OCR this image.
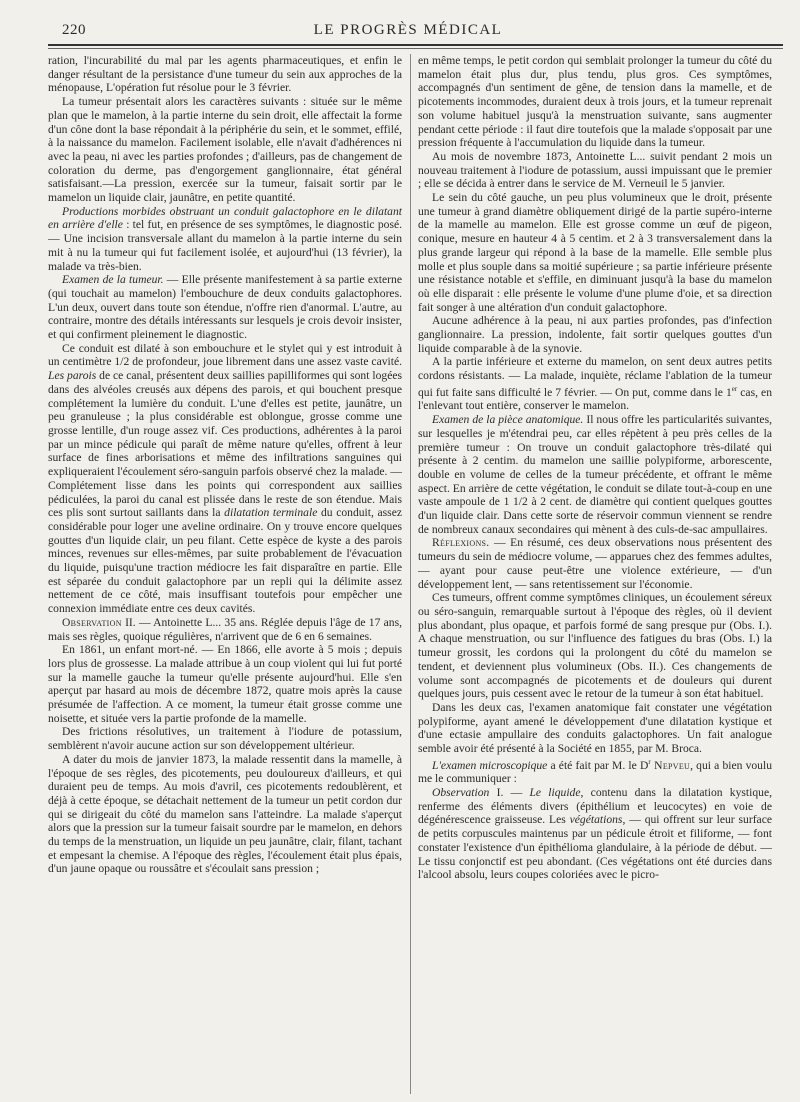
220	LE PROGRÈS MÉDICAL

ration, l'incurabilité du mal par les agents pharmaceutiques, et enfin le danger résultant de la persistance d'une tumeur du sein aux approches de la ménopause, L'opération fut résolue pour le 3 février.

La tumeur présentait alors les caractères suivants : située sur le même plan que le mamelon, à la partie interne du sein droit, elle affectait la forme d'un cône dont la base répondait à la périphérie du sein, et le sommet, effilé, à la naissance du mamelon. Facilement isolable, elle n'avait d'adhérences ni avec la peau, ni avec les parties profondes ; d'ailleurs, pas de changement de coloration du derme, pas d'engorgement ganglionnaire, état général satisfaisant.—La pression, exercée sur la tumeur, faisait sortir par le mamelon un liquide clair, jaunâtre, en petite quantité.

Productions morbides obstruant un conduit galactophore en le dilatant en arrière d'elle : tel fut, en présence de ses symptômes, le diagnostic posé. — Une incision transversale allant du mamelon à la partie interne du sein mit à nu la tumeur qui fut facilement isolée, et aujourd'hui (13 février), la malade va très-bien.

Examen de la tumeur. — Elle présente manifestement à sa partie externe (qui touchait au mamelon) l'embouchure de deux conduits galactophores. L'un deux, ouvert dans toute son étendue, n'offre rien d'anormal. L'autre, au contraire, montre des détails intéressants sur lesquels je crois devoir insister, et qui confirment pleinement le diagnostic.

Ce conduit est dilaté à son embouchure et le stylet qui y est introduit à un centimètre 1/2 de profondeur, joue librement dans une assez vaste cavité. Les parois de ce canal, présentent deux saillies papilliformes qui sont logées dans des alvéoles creusés aux dépens des parois, et qui bouchent presque complétement la lumière du conduit. L'une d'elles est petite, jaunâtre, un peu granuleuse ; la plus considérable est oblongue, grosse comme une grosse lentille, d'un rouge assez vif. Ces productions, adhérentes à la paroi par un mince pédicule qui paraît de même nature qu'elles, offrent à leur surface de fines arborisations et même des infiltrations sanguines qui expliqueraient l'écoulement séro-sanguin parfois observé chez la malade. — Complétement lisse dans les points qui correspondent aux saillies pédiculées, la paroi du canal est plissée dans le reste de son étendue. Mais ces plis sont surtout saillants dans la dilatation terminale du conduit, assez considérable pour loger une aveline ordinaire. On y trouve encore quelques gouttes d'un liquide clair, un peu filant. Cette espèce de kyste a des parois minces, revenues sur elles-mêmes, par suite probablement de l'évacuation du liquide, puisqu'une traction médiocre les fait disparaître en partie. Elle est séparée du conduit galactophore par un repli qui la délimite assez nettement de ce côté, mais insuffisant toutefois pour empêcher une connexion immédiate entre ces deux cavités.

Observation II. — Antoinette L... 35 ans. Réglée depuis l'âge de 17 ans, mais ses règles, quoique régulières, n'arrivent que de 6 en 6 semaines.

En 1861, un enfant mort-né. — En 1866, elle avorte à 5 mois ; depuis lors plus de grossesse. La malade attribue à un coup violent qui lui fut porté sur la mamelle gauche la tumeur qu'elle présente aujourd'hui. Elle s'en aperçut par hasard au mois de décembre 1872, quatre mois après la cause présumée de l'affection. A ce moment, la tumeur était grosse comme une noisette, et située vers la partie profonde de la mamelle.

Des frictions résolutives, un traitement à l'iodure de potassium, semblèrent n'avoir aucune action sur son développement ultérieur.

A dater du mois de janvier 1873, la malade ressentit dans la mamelle, à l'époque de ses règles, des picotements, peu douloureux d'ailleurs, et qui duraient peu de temps. Au mois d'avril, ces picotements redoublèrent, et déjà à cette époque, se détachait nettement de la tumeur un petit cordon dur qui se dirigeait du côté du mamelon sans l'atteindre. La malade s'aperçut alors que la pression sur la tumeur faisait sourdre par le mamelon, en dehors du temps de la menstruation, un liquide un peu jaunâtre, clair, filant, tachant et empesant la chemise. A l'époque des règles, l'écoulement était plus épais, d'un jaune opaque ou roussâtre et s'écoulait sans pression ;

en même temps, le petit cordon qui semblait prolonger la tumeur du côté du mamelon était plus dur, plus tendu, plus gros. Ces symptômes, accompagnés d'un sentiment de gêne, de tension dans la mamelle, et de picotements incommodes, duraient deux à trois jours, et la tumeur reprenait son volume habituel jusqu'à la menstruation suivante, sans augmenter pendant cette période : il faut dire toutefois que la malade s'opposait par une pression fréquente à l'accumulation du liquide dans la tumeur.

Au mois de novembre 1873, Antoinette L... suivit pendant 2 mois un nouveau traitement à l'iodure de potassium, aussi impuissant que le premier ; elle se décida à entrer dans le service de M. Verneuil le 5 janvier.

Le sein du côté gauche, un peu plus volumineux que le droit, présente une tumeur à grand diamètre obliquement dirigé de la partie supéro-interne de la mamelle au mamelon. Elle est grosse comme un œuf de pigeon, conique, mesure en hauteur 4 à 5 centim. et 2 à 3 transversalement dans la plus grande largeur qui répond à la base de la mamelle. Elle semble plus molle et plus souple dans sa moitié supérieure ; sa partie inférieure présente une résistance notable et s'effile, en diminuant jusqu'à la base du mamelon où elle disparait : elle présente le volume d'une plume d'oie, et sa direction fait songer à une altération d'un conduit galactophore.

Aucune adhérence à la peau, ni aux parties profondes, pas d'infection ganglionnaire. La pression, indolente, fait sortir quelques gouttes d'un liquide comparable à de la synovie.

A la partie inférieure et externe du mamelon, on sent deux autres petits cordons résistants. — La malade, inquiète, réclame l'ablation de la tumeur qui fut faite sans difficulté le 7 février. — On put, comme dans le 1er cas, en l'enlevant tout entière, conserver le mamelon.

Examen de la pièce anatomique. Il nous offre les particularités suivantes, sur lesquelles je m'étendrai peu, car elles répètent à peu près celles de la première tumeur : On trouve un conduit galactophore très-dilaté qui présente à 2 centim. du mamelon une saillie polypiforme, arborescente, double en volume de celles de la tumeur précédente, et offrant le même aspect. En arrière de cette végétation, le conduit se dilate tout-à-coup en une vaste ampoule de 1 1/2 à 2 cent. de diamètre qui contient quelques gouttes d'un liquide clair. Dans cette sorte de réservoir commun viennent se rendre de nombreux canaux secondaires qui mènent à des culs-de-sac ampullaires.

Réflexions. — En résumé, ces deux observations nous présentent des tumeurs du sein de médiocre volume, — apparues chez des femmes adultes, — ayant pour cause peut-être une violence extérieure, — d'un développement lent, — sans retentissement sur l'économie.

Ces tumeurs, offrent comme symptômes cliniques, un écoulement séreux ou séro-sanguin, remarquable surtout à l'époque des règles, où il devient plus abondant, plus opaque, et parfois formé de sang presque pur (Obs. I.). A chaque menstruation, ou sur l'influence des fatigues du bras (Obs. I.) la tumeur grossit, les cordons qui la prolongent du côté du mamelon se tendent, et deviennent plus volumineux (Obs. II.). Ces changements de volume sont accompagnés de picotements et de douleurs qui durent quelques jours, puis cessent avec le retour de la tumeur à son état habituel.

Dans les deux cas, l'examen anatomique fait constater une végétation polypiforme, ayant amené le développement d'une dilatation kystique et d'une ectasie ampullaire des conduits galactophores. Un fait analogue semble avoir été présenté à la Société en 1855, par M. Broca.

L'examen microscopique a été fait par M. le $D^r$ Nepveu, qui a bien voulu me le communiquer :

Observation I. — Le liquide, contenu dans la dilatation kystique, renferme des éléments divers (épithélium et leucocytes) en voie de dégénérescence graisseuse. Les végétations, — qui offrent sur leur surface de petits corpuscules maintenus par un pédicule étroit et filiforme, — font constater l'existence d'un épithélioma glandulaire, à la période de début. — Le tissu conjonctif est peu abondant. (Ces végétations ont été durcies dans l'alcool absolu, leurs coupes coloriées avec le picro-
